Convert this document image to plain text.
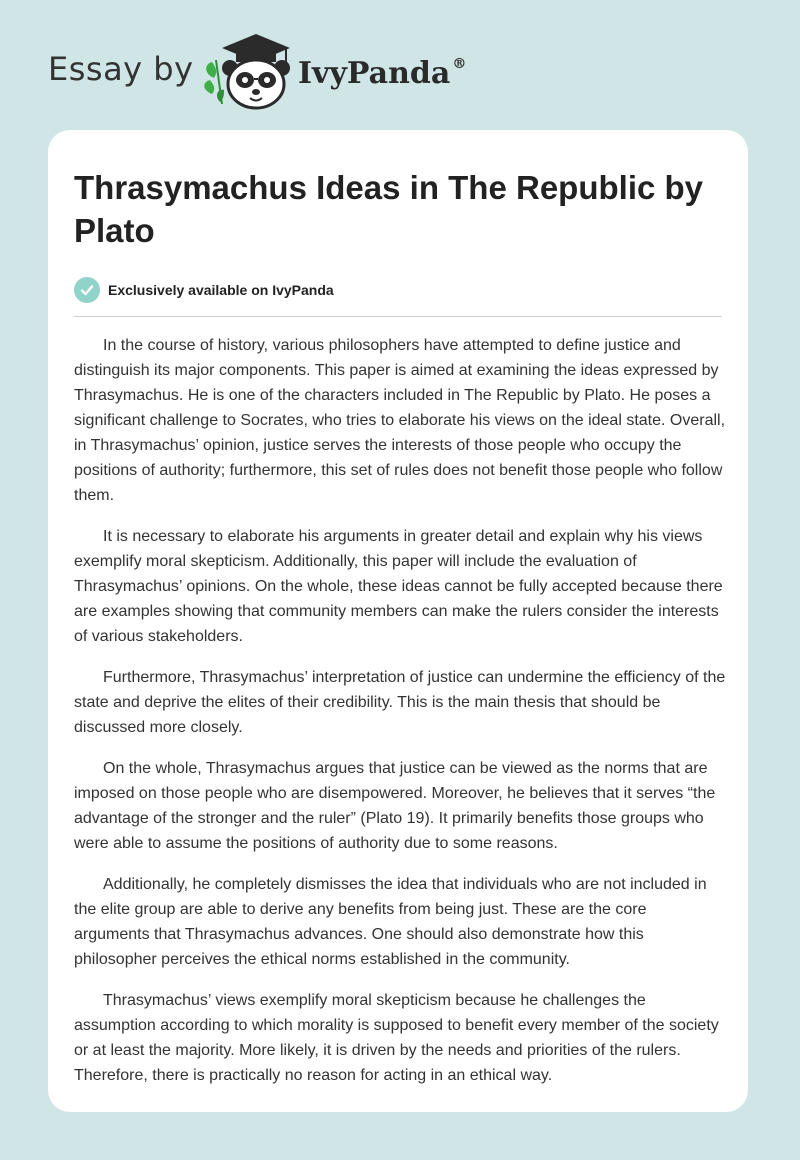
Essay by	IvyPanda ®
Thrasymachus Ideas in The Republic by Plato
Exclusively available on IvyPanda

In the course of history, various philosophers have attempted to define justice and distinguish its major components. This paper is aimed at examining the ideas expressed by Thrasymachus. He is one of the characters included in The Republic by Plato. He poses a significant challenge to Socrates, who tries to elaborate his views on the ideal state. Overall, in Thrasymachus’ opinion, justice serves the interests of those people who occupy the positions of authority; furthermore, this set of rules does not benefit those people who follow them.

It is necessary to elaborate his arguments in greater detail and explain why his views exemplify moral skepticism. Additionally, this paper will include the evaluation of Thrasymachus’ opinions. On the whole, these ideas cannot be fully accepted because there are examples showing that community members can make the rulers consider the interests of various stakeholders.

Furthermore, Thrasymachus’ interpretation of justice can undermine the efficiency of the state and deprive the elites of their credibility. This is the main thesis that should be discussed more closely.

On the whole, Thrasymachus argues that justice can be viewed as the norms that are imposed on those people who are disempowered. Moreover, he believes that it serves “the advantage of the stronger and the ruler” (Plato 19). It primarily benefits those groups who were able to assume the positions of authority due to some reasons.

Additionally, he completely dismisses the idea that individuals who are not included in the elite group are able to derive any benefits from being just. These are the core arguments that Thrasymachus advances. One should also demonstrate how this philosopher perceives the ethical norms established in the community.

Thrasymachus’ views exemplify moral skepticism because he challenges the assumption according to which morality is supposed to benefit every member of the society or at least the majority. More likely, it is driven by the needs and priorities of the rulers. Therefore, there is practically no reason for acting in an ethical way.
